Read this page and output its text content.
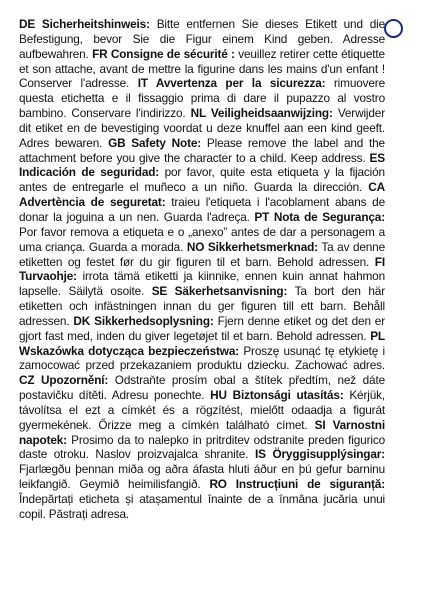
DE Sicherheitshinweis: Bitte entfernen Sie dieses Etikett und die Befestigung, bevor Sie die Figur einem Kind geben. Adresse aufbewahren. FR Consigne de sécurité : veuillez retirer cette étiquette et son attache, avant de mettre la figurine dans les mains d'un enfant ! Conserver l'adresse. IT Avvertenza per la sicurezza: rimuovere questa etichetta e il fissaggio prima di dare il pupazzo al vostro bambino. Conservare l'indirizzo. NL Veiligheidsaanwijzing: Verwijder dit etiket en de bevestiging voordat u deze knuffel aan een kind geeft. Adres bewaren. GB Safety Note: Please remove the label and the attachment before you give the character to a child. Keep address. ES Indicación de seguridad: por favor, quite esta etiqueta y la fijación antes de entregarle el muñeco a un niño. Guarda la dirección. CA Advertència de seguretat: traieu l'etiqueta i l'acoblament abans de donar la joguina a un nen. Guarda l'adreça. PT Nota de Segurança: Por favor remova a etiqueta e o „anexo” antes de dar a personagem a uma criança. Guarda a morada. NO Sikkerhetsmerknad: Ta av denne etiketten og festet før du gir figuren til et barn. Behold adressen. FI Turvaohje: irrota tämä etiketti ja kiinnike, ennen kuin annat hahmon lapselle. Säilytä osoite. SE Säkerhetsanvisning: Ta bort den här etiketten och infästningen innan du ger figuren till ett barn. Behåll adressen. DK Sikkerhedsoplysning: Fjern denne etiket og det den er gjort fast med, inden du giver legetøjet til et barn. Behold adressen. PL Wskazówka dotycząca bezpieczeństwa: Proszę usunąć tę etykietę i zamocować przed przekazaniem produktu dziecku. Zachować adres. CZ Upozornění: Odstraňte prosím obal a štítek předtím, než dáte postavičku dítěti. Adresu ponechte. HU Biztonsági utasítás: Kérjük, távolítsa el ezt a címkét és a rögzítést, mielőtt odaadja a figurát gyermekének. Őrizze meg a címkén található címet. SI Varnostni napotek: Prosimo da to nalepko in pritrditev odstranite preden figurico daste otroku. Naslov proizvajalca shranite. IS Öryggisupplýsingar: Fjarlægðu þennan miða og aðra áfasta hluti áður en þú gefur barninu leikfangið. Geymið heimilisfangið. RO Instrucțiuni de siguranță: Îndepărtați eticheta și atașamentul înainte de a înmâna jucăria unui copil. Păstrați adresa.
